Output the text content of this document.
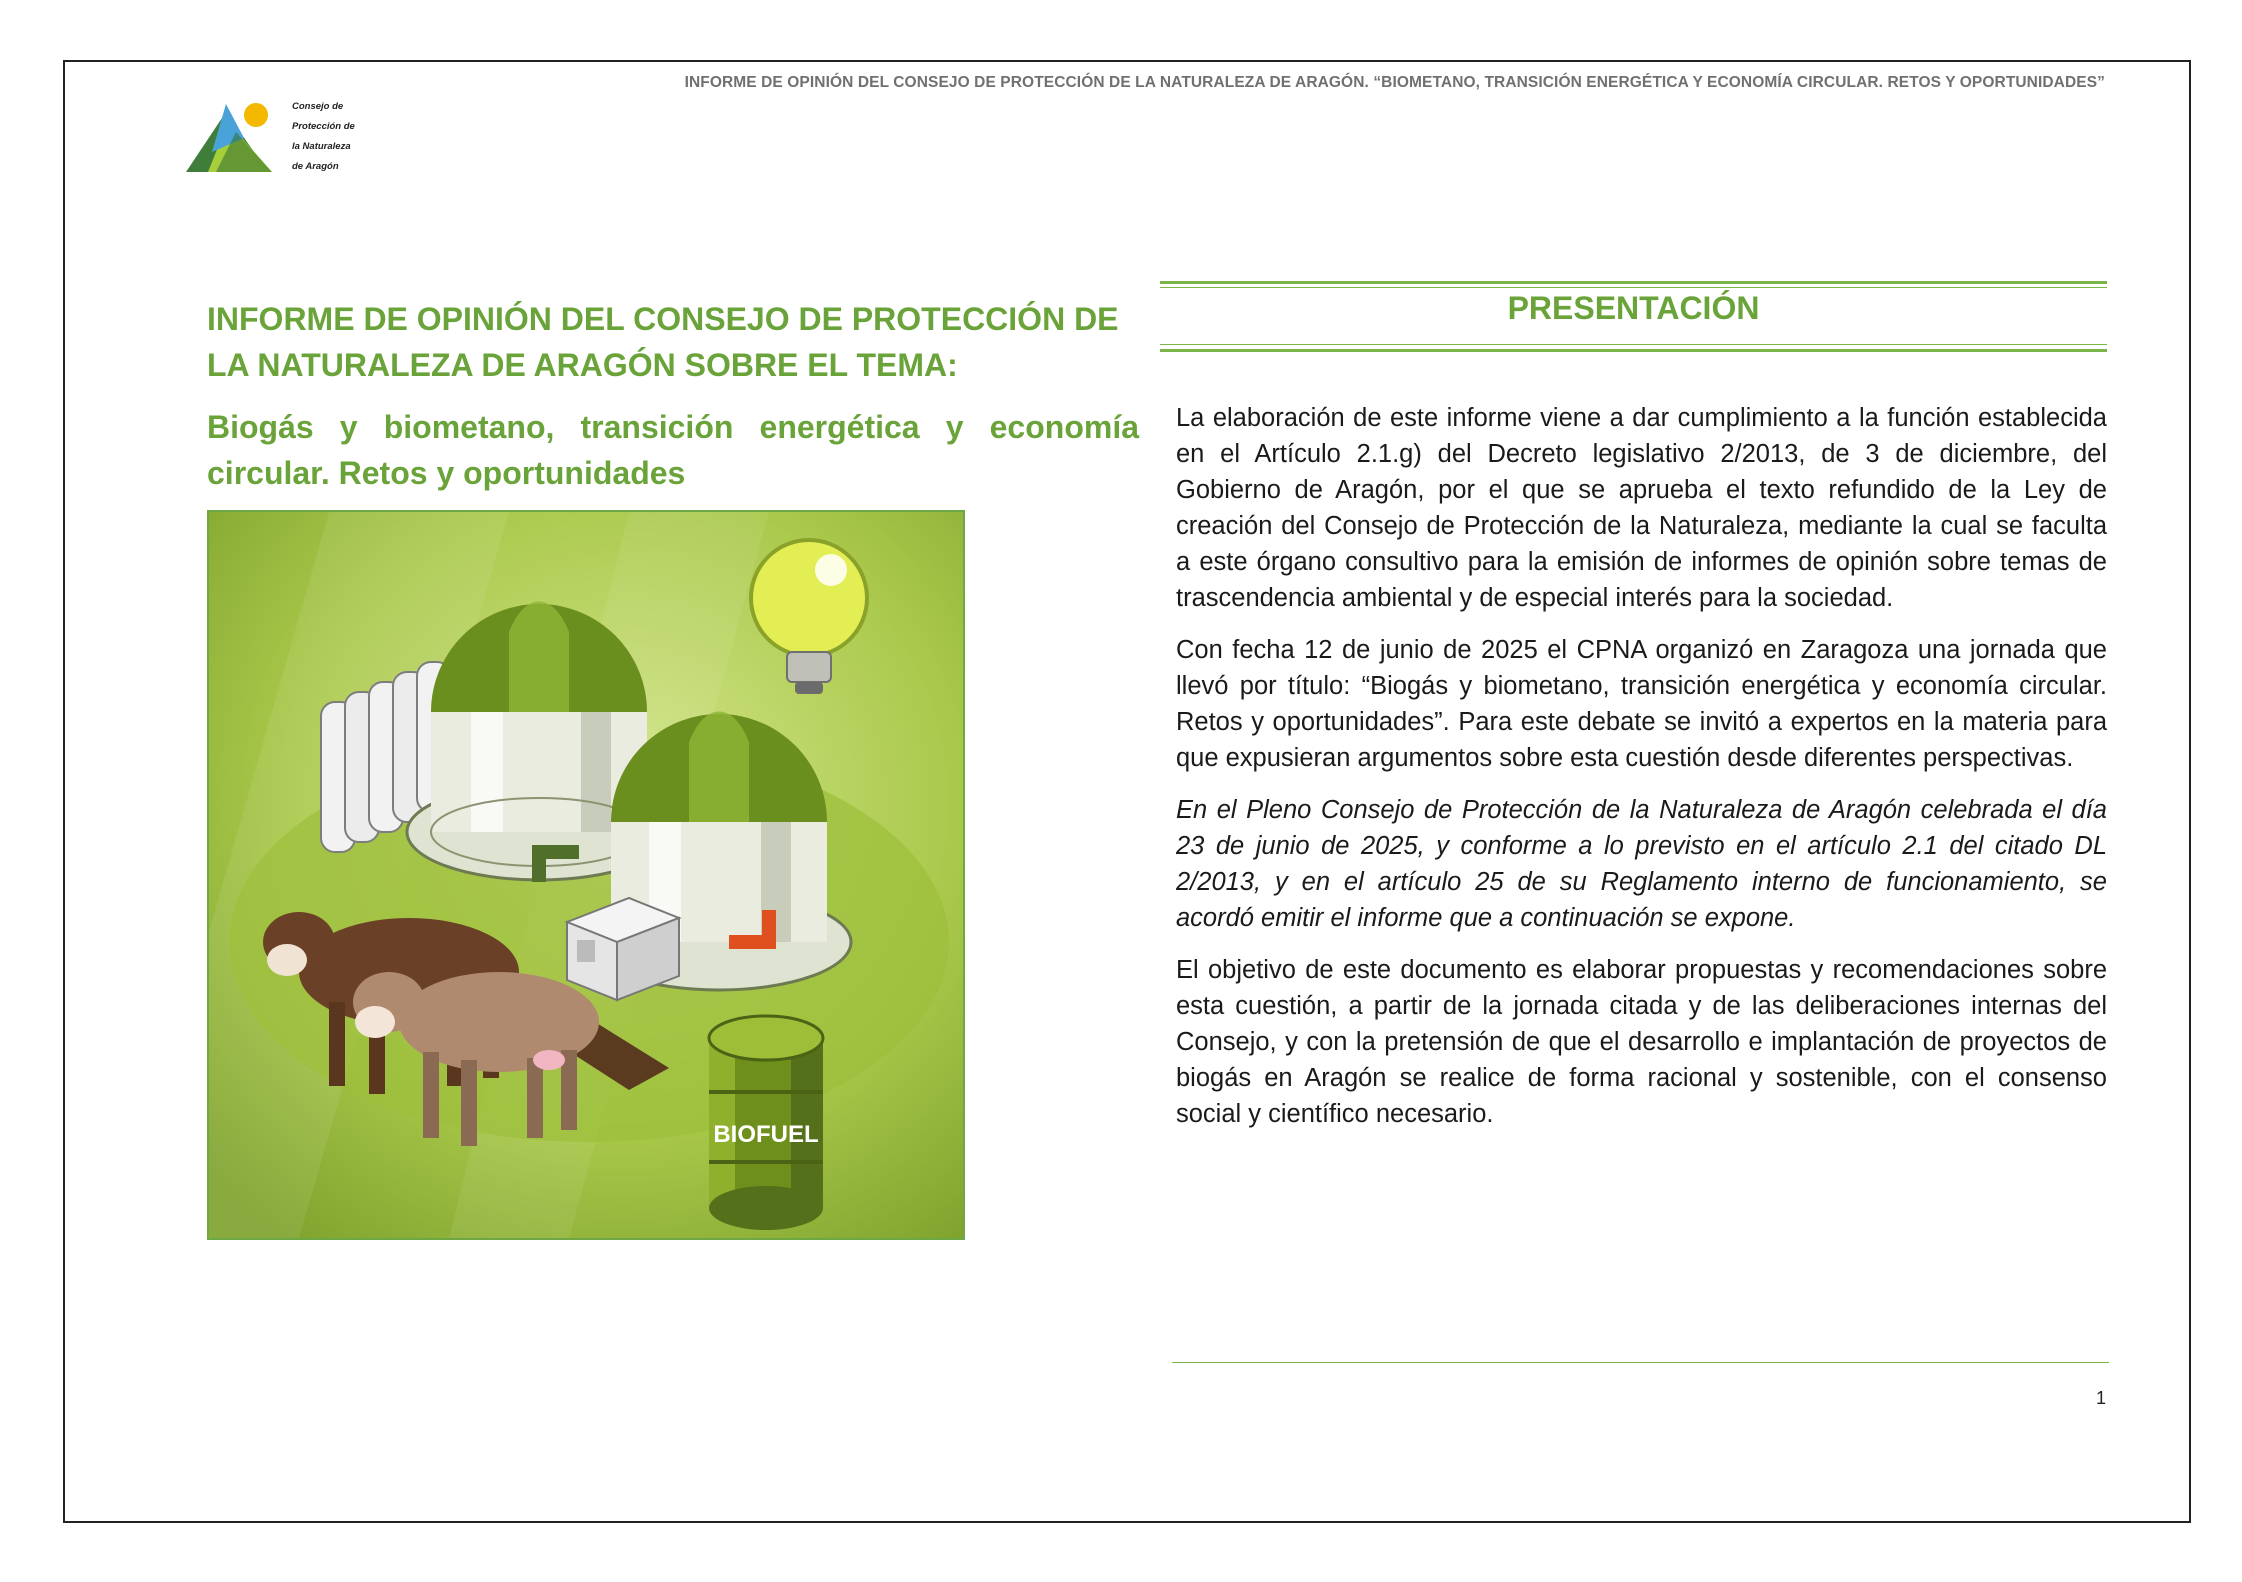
INFORME DE OPINIÓN DEL CONSEJO DE PROTECCIÓN DE LA NATURALEZA DE ARAGÓN. “BIOMETANO, TRANSICIÓN ENERGÉTICA Y ECONOMÍA CIRCULAR. RETOS Y OPORTUNIDADES”
Consejo de
Protección de
la Naturaleza
de Aragón
INFORME DE OPINIÓN DEL CONSEJO DE PROTECCIÓN DE LA NATURALEZA DE ARAGÓN SOBRE EL TEMA:
Biogás y biometano, transición energética y economía circular. Retos y oportunidades
BIOFUEL
PRESENTACIÓN

La elaboración de este informe viene a dar cumplimiento a la función establecida en el Artículo 2.1.g) del Decreto legislativo 2/2013, de 3 de diciembre, del Gobierno de Aragón, por el que se aprueba el texto refundido de la Ley de creación del Consejo de Protección de la Naturaleza, mediante la cual se faculta a este órgano consultivo para la emisión de informes de opinión sobre temas de trascendencia ambiental y de especial interés para la sociedad.

Con fecha 12 de junio de 2025 el CPNA organizó en Zaragoza una jornada que llevó por título: “Biogás y biometano, transición energética y economía circular. Retos y oportunidades”. Para este debate se invitó a expertos en la materia para que expusieran argumentos sobre esta cuestión desde diferentes perspectivas.

En el Pleno Consejo de Protección de la Naturaleza de Aragón celebrada el día 23 de junio de 2025, y conforme a lo previsto en el artículo 2.1 del citado DL 2/2013, y en el artículo 25 de su Reglamento interno de funcionamiento, se acordó emitir el informe que a continuación se expone.

El objetivo de este documento es elaborar propuestas y recomendaciones sobre esta cuestión, a partir de la jornada citada y de las deliberaciones internas del Consejo, y con la pretensión de que el desarrollo e implantación de proyectos de biogás en Aragón se realice de forma racional y sostenible, con el consenso social y científico necesario.

1
